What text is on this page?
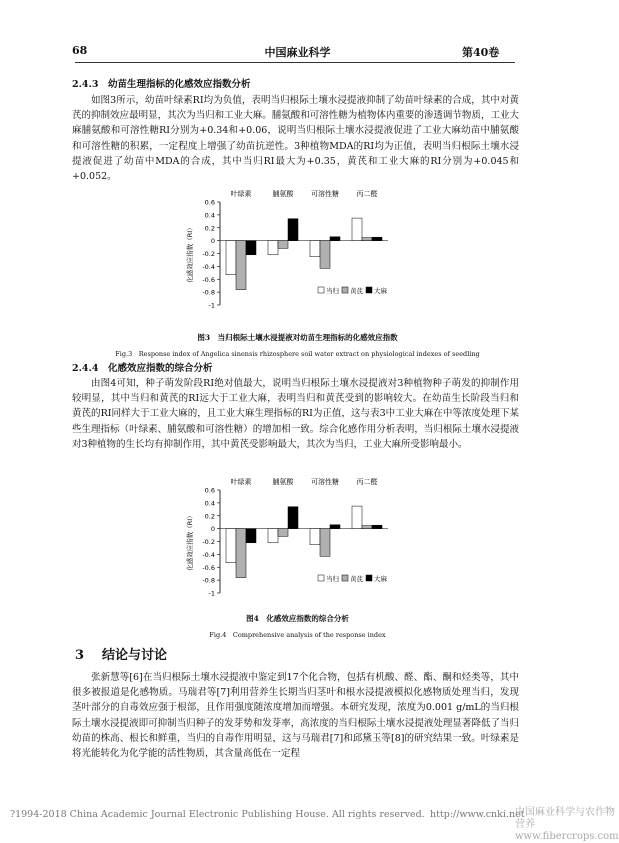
68	中国麻业科学	第40卷
2.4.3　幼苗生理指标的化感效应指数分析

如图3所示，幼苗叶绿素RI均为负值，表明当归根际土壤水浸提液抑制了幼苗叶绿素的合成，其中对黄芪的抑制效应最明显，其次为当归和工业大麻。脯氨酸和可溶性糖为植物体内重要的渗透调节物质，工业大麻脯氨酸和可溶性糖RI分别为+0.34和+0.06，说明当归根际土壤水浸提液促进了工业大麻幼苗中脯氨酸和可溶性糖的积累，一定程度上增强了幼苗抗逆性。3种植物MDA的RI均为正值，表明当归根际土壤水浸提液促进了幼苗中MDA的合成，其中当归RI最大为+0.35，黄芪和工业大麻的RI分别为+0.045和+0.052。

0.6
0.4
0.2
0
-0.2
-0.4
-0.6
-0.8
-1
化感效应指数（RI）
叶绿素	脯氨酸	可溶性糖	丙二醛
当归 黄芪 大麻
图3　当归根际土壤水浸提液对幼苗生理指标的化感效应指数
Fig.3　Response index of Angelica sinensis rhizosphere soil water extract on physiological indexes of seedling
2.4.4　化感效应指数的综合分析

由图4可知，种子萌发阶段RI绝对值最大，说明当归根际土壤水浸提液对3种植物种子萌发的抑制作用较明显，其中当归和黄芪的RI远大于工业大麻，表明当归和黄芪受到的影响较大。在幼苗生长阶段当归和黄芪的RI同样大于工业大麻的，且工业大麻生理指标的RI为正值，这与表3中工业大麻在中等浓度处理下某些生理指标（叶绿素、脯氨酸和可溶性糖）的增加相一致。综合化感作用分析表明，当归根际土壤水浸提液对3种植物的生长均有抑制作用，其中黄芪受影响最大，其次为当归，工业大麻所受影响最小。

0.6
0.4
0.2
0
-0.2
-0.4
-0.6
-0.8
-1
化感效应指数（RI）
叶绿素	脯氨酸	可溶性糖	丙二醛
当归 黄芪 大麻
图4　化感效应指数的综合分析
Fig.4　Comprehensive analysis of the response index
3 结论与讨论

张新慧等[6]在当归根际土壤水浸提液中鉴定到17个化合物，包括有机酸、醛、酯、酮和烃类等，其中很多被报道是化感物质。马瑞君等[7]利用营养生长期当归茎叶和根水浸提液模拟化感物质处理当归，发现茎叶部分的自毒效应强于根部，且作用强度随浓度增加而增强。本研究发现，浓度为0.001 g/mL的当归根际土壤水浸提液即可抑制当归种子的发芽势和发芽率，高浓度的当归根际土壤水浸提液处理显著降低了当归幼苗的株高、根长和鲜重，当归的自毒作用明显，这与马瑞君[7]和邱黛玉等[8]的研究结果一致。叶绿素是将光能转化为化学能的活性物质，其含量高低在一定程

?1994-2018 China Academic Journal Electronic Publishing House. All rights reserved. http://www.cnki.net
中国麻业科学与农作物营养
www.fibercrops.com
